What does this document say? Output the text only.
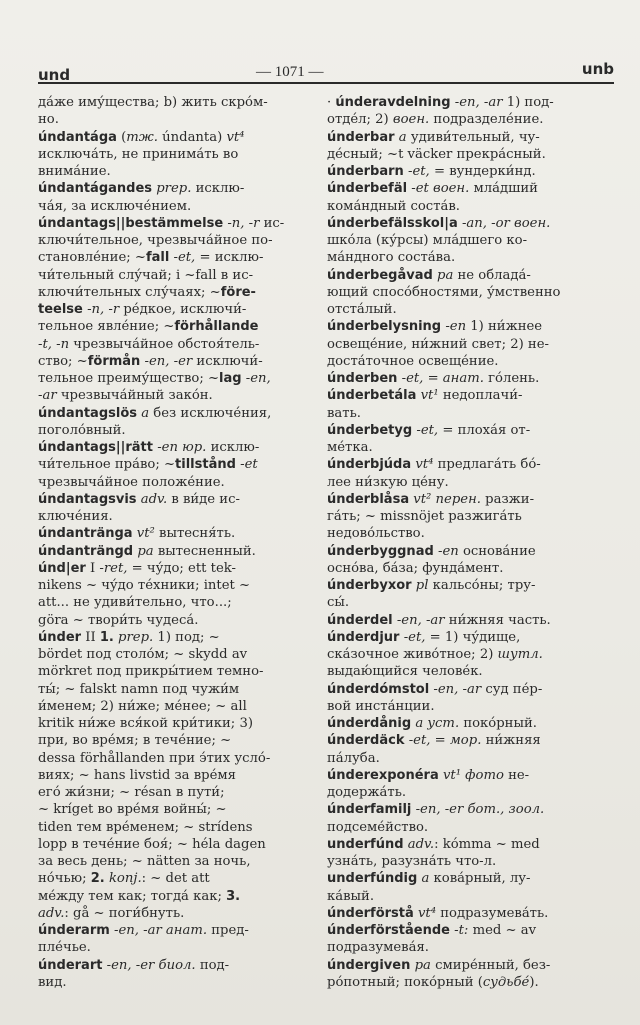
und	— 1071 —	unb
да́же иму́щества; b) жить скро́м-
но.
úndantága (тж. úndanta) vt⁴
исключа́ть, не принима́ть во
внима́ние.
úndantágandes prep. исклю-
ча́я, за исключе́нием.
úndantags||bestämmelse -n, -r ис-
ключи́тельное, чрезвыча́йное по-
становле́ние; ~fall -et, = исклю-
чи́тельный слу́чай; i ~fall в ис-
ключи́тельных слу́чаях; ~före-
teelse -n, -r ре́дкое, исключи́-
тельное явле́ние; ~förhållande
-t, -n чрезвыча́йное обстоя́тель-
ство; ~förmån -en, -er исключи́-
тельное преиму́щество; ~lag -en,
-ar чрезвыча́йный зако́н.
úndantagslös a без исключе́ния,
поголо́вный.
úndantags||rätt -en юр. исклю-
чи́тельное пра́во; ~tillstånd -et
чрезвыча́йное положе́ние.
úndantagsvis adv. в ви́де ис-
ключе́ния.
úndantränga vt² вытесня́ть.
úndanträngd pa вытесненный.
únd|er I -ret, = чу́до; ett tek-
nikens ~ чу́до те́хники; intet ~
att... не удиви́тельно, что...;
göra ~ твори́ть чудеса́.
únder II 1. prep. 1) под; ~
bördet под столо́м; ~ skydd av
mörkret под прикры́тием темно-
ты́; ~ falskt namn под чужи́м
и́менем; 2) ни́же; ме́нее; ~ all
kritik ни́же вся́кой кри́тики; 3)
при, во вре́мя; в тече́ние; ~
dessa förhållanden при э́тих усло́-
виях; ~ hans livstid за вре́мя
его́ жи́зни; ~ résan в пути́;
~ kríget во вре́мя войны́; ~
tiden тем вре́менем; ~ strídens
lopp в тече́ние боя́; ~ héla dagen
за весь день; ~ nätten за ночь,
но́чью; 2. konj.: ~ det att
ме́жду тем как; тогда́ как; 3.
adv.: gå ~ поги́бнуть.
únderarm -en, -ar анат. пред-
пле́чье.
únderart -en, -er биол. под-
вид.
· únderavdelning -en, -ar 1) под-
отде́л; 2) воен. подразделе́ние.
únderbar a удиви́тельный, чу-
де́сный; ~t väcker прекра́сный.
únderbarn -et, = вундерки́нд.
únderbefäl -et воен. мла́дший
кома́ндный соста́в.
únderbefälsskol|a -an, -or воен.
шко́ла (ку́рсы) мла́дшего ко-
ма́ндного соста́ва.
únderbegåvad pa не облада́-
ющий спосо́бностями, у́мственно
отста́лый.
únderbelysning -en 1) ни́жнее
освеще́ние, ни́жний свет; 2) не-
доста́точное освеще́ние.
únderben -et, = анат. го́лень.
únderbetála vt¹ недоплачи́-
вать.
únderbetyg -et, = плоха́я от-
ме́тка.
únderbjúda vt⁴ предлага́ть бо́-
лее ни́зкую це́ну.
únderblåsa vt² перен. разжи-
га́ть; ~ missnöjet разжига́ть
недово́льство.
únderbyggnad -en основа́ние
осно́ва, ба́за; фунда́мент.
únderbyxor pl кальсо́ны; тру-
сы́.
únderdel -en, -ar ни́жняя часть.
únderdjur -et, = 1) чу́дище,
ска́зочное живо́тное; 2) шутл.
выдаю́щийся челове́к.
únderdómstol -en, -ar суд пе́р-
вой инста́нции.
únderdånig a уст. поко́рный.
únderdäck -et, = мор. ни́жняя
па́луба.
únderexponéra vt¹ фото не-
додержа́ть.
únderfamilj -en, -er бот., зоол.
подсеме́йство.
underfúnd adv.: kómma ~ med
узна́ть, разузна́ть что-л.
underfúndig a кова́рный, лу-
ка́вый.
únderförstå vt⁴ подразумева́ть.
únderförstående -t: med ~ av
подразумева́я.
úndergiven pa смире́нный, без-
ро́потный; поко́рный (судьбе́).
